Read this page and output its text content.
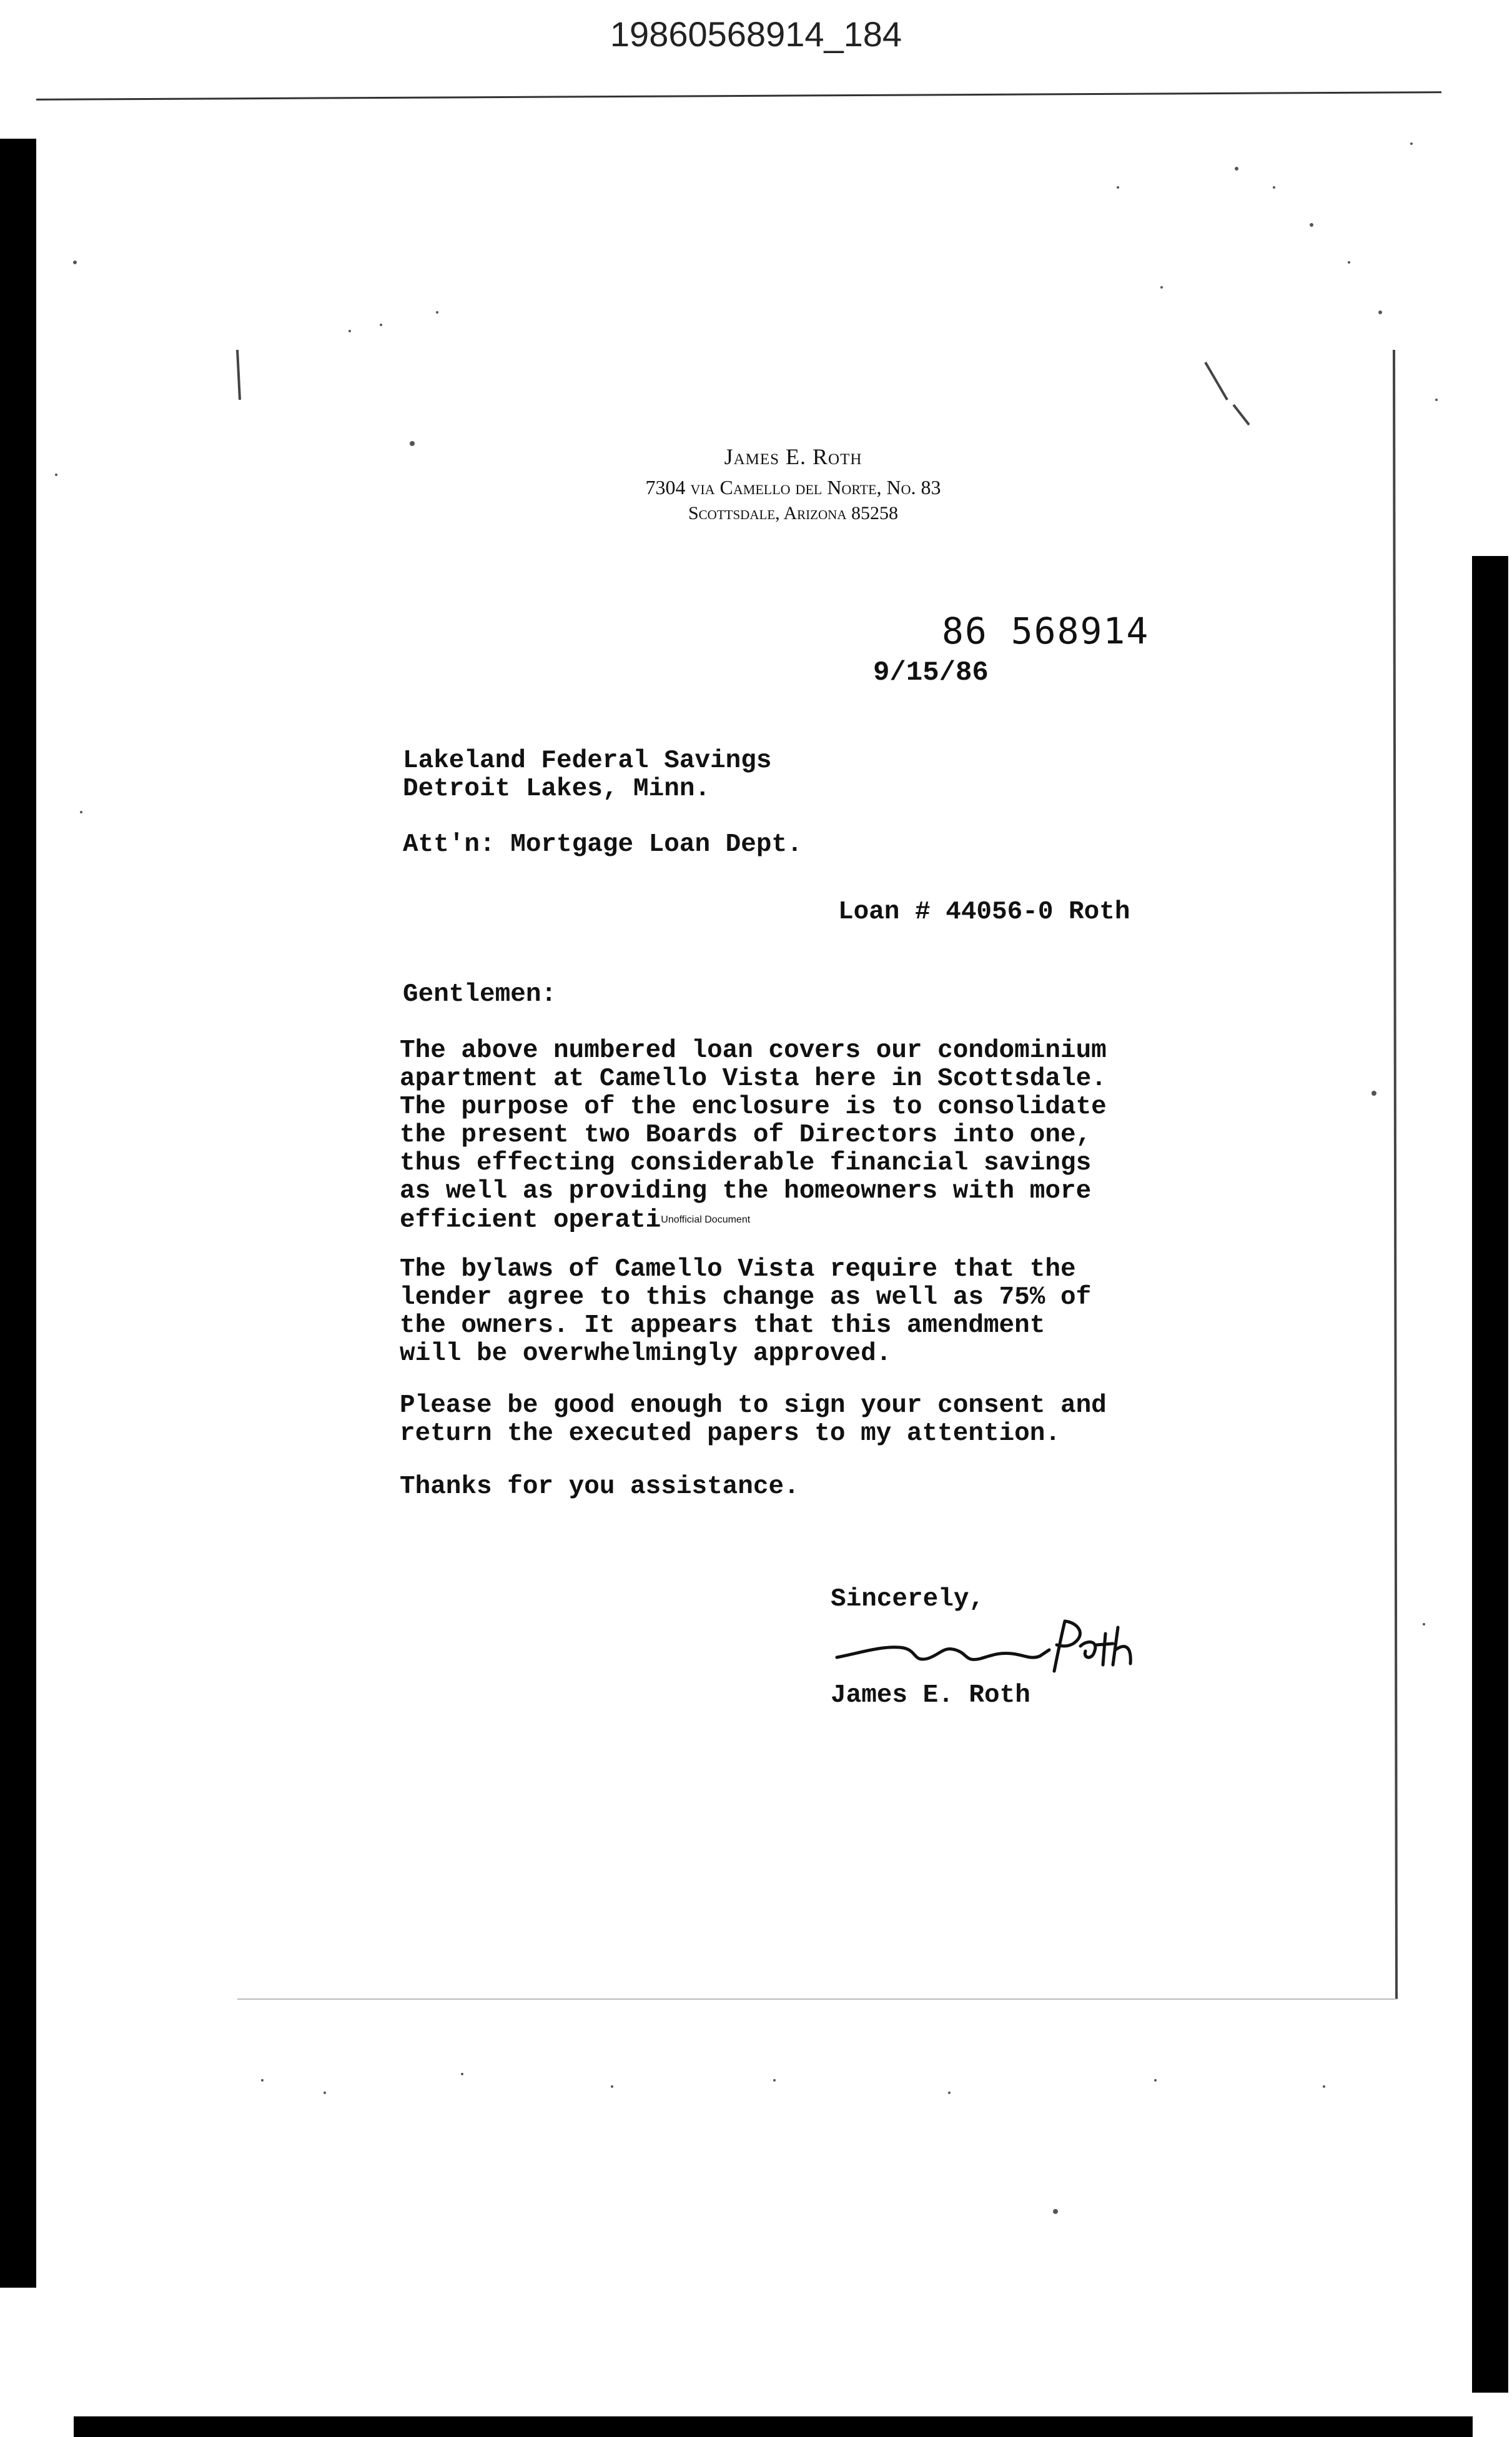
19860568914_184
James E. Roth
7304 via Camello del Norte, No. 83
Scottsdale, Arizona 85258
86 568914
9/15/86
Lakeland Federal Savings
Detroit Lakes, Minn.
Att'n: Mortgage Loan Dept.
Loan # 44056-0 Roth
Gentlemen:
The above numbered loan covers our condominium
apartment at Camello Vista here in Scottsdale.
The purpose of the enclosure is to consolidate
the present two Boards of Directors into one,
thus effecting considerable financial savings
as well as providing the homeowners with more
efficient operatiUnofficial Document
The bylaws of Camello Vista require that the
lender agree to this change as well as 75% of
the owners. It appears that this amendment
will be overwhelmingly approved.
Please be good enough to sign your consent and
return the executed papers to my attention.
Thanks for you assistance.
Sincerely,
James E. Roth
